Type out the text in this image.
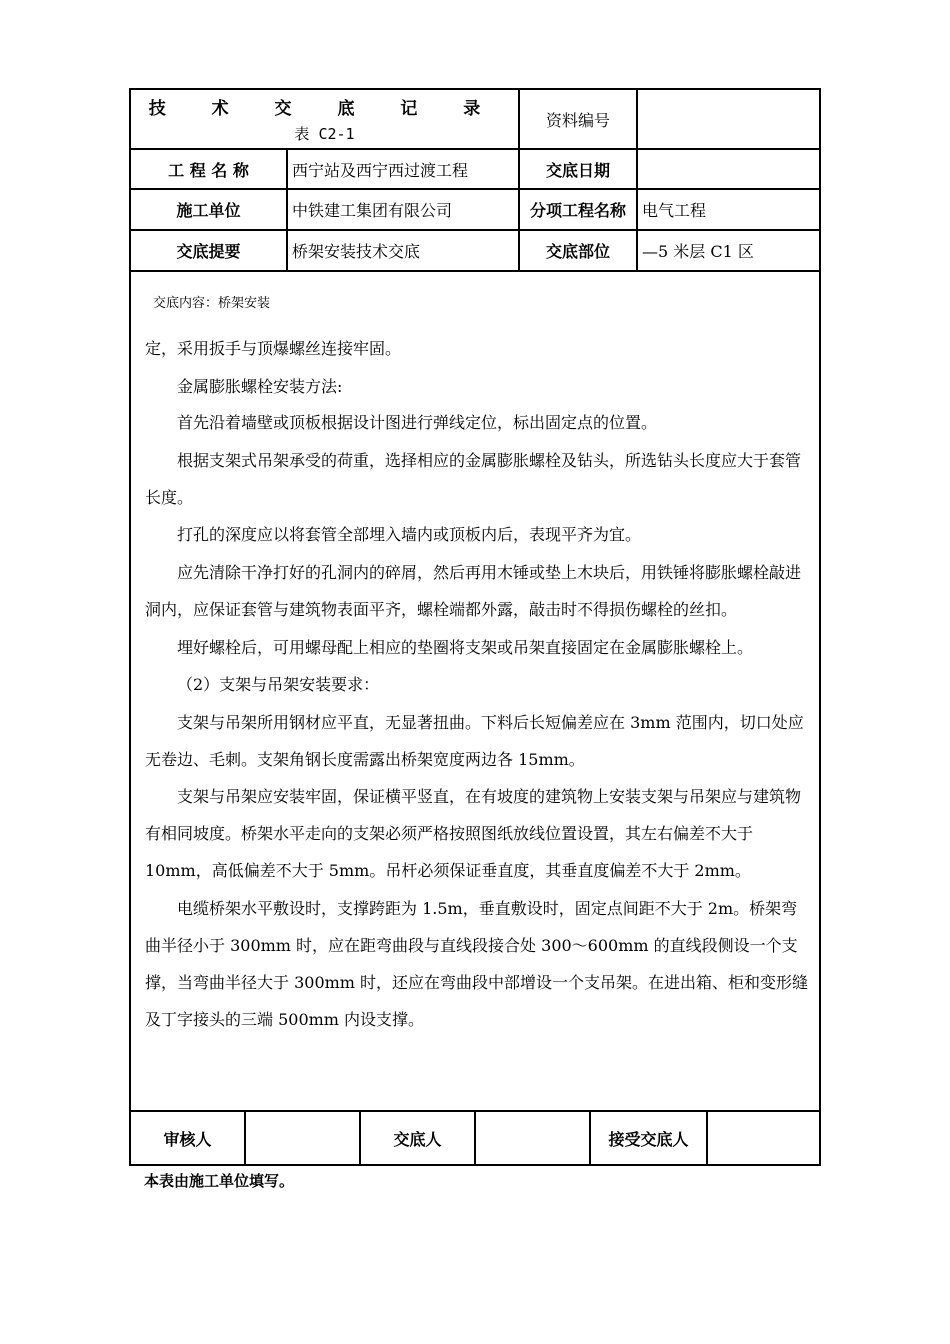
技 术 交 底 记 录
表 C2-1
资料编号
工 程 名 称	西宁站及西宁西过渡工程	交底日期
施工单位	中铁建工集团有限公司	分项工程名称	电气工程
交底提要	桥架安装技术交底	交底部位	—5 米层 C1 区
交底内容：桥架安装

定，采用扳手与顶爆螺丝连接牢固。

金属膨胀螺栓安装方法:

首先沿着墙壁或顶板根据设计图进行弹线定位，标出固定点的位置。

根据支架式吊架承受的荷重，选择相应的金属膨胀螺栓及钻头，所选钻头长度应大于套管长度。

打孔的深度应以将套管全部埋入墙内或顶板内后，表现平齐为宜。

应先清除干净打好的孔洞内的碎屑，然后再用木锤或垫上木块后，用铁锤将膨胀螺栓敲进洞内，应保证套管与建筑物表面平齐，螺栓端都外露，敲击时不得损伤螺栓的丝扣。

埋好螺栓后，可用螺母配上相应的垫圈将支架或吊架直接固定在金属膨胀螺栓上。

（2）支架与吊架安装要求：

支架与吊架所用钢材应平直，无显著扭曲。下料后长短偏差应在 3mm 范围内，切口处应无卷边、毛刺。支架角钢长度需露出桥架宽度两边各 15mm。

支架与吊架应安装牢固，保证横平竖直，在有坡度的建筑物上安装支架与吊架应与建筑物有相同坡度。桥架水平走向的支架必须严格按照图纸放线位置设置，其左右偏差不大于 10mm，高低偏差不大于 5mm。吊杆必须保证垂直度，其垂直度偏差不大于 2mm。

电缆桥架水平敷设时，支撑跨距为 1.5m，垂直敷设时，固定点间距不大于 2m。桥架弯曲半径小于 300mm 时，应在距弯曲段与直线段接合处 300～600mm 的直线段侧设一个支撑，当弯曲半径大于 300mm 时，还应在弯曲段中部增设一个支吊架。在进出箱、柜和变形缝及丁字接头的三端 500mm 内设支撑。

审核人	交底人	接受交底人
本表由施工单位填写。
